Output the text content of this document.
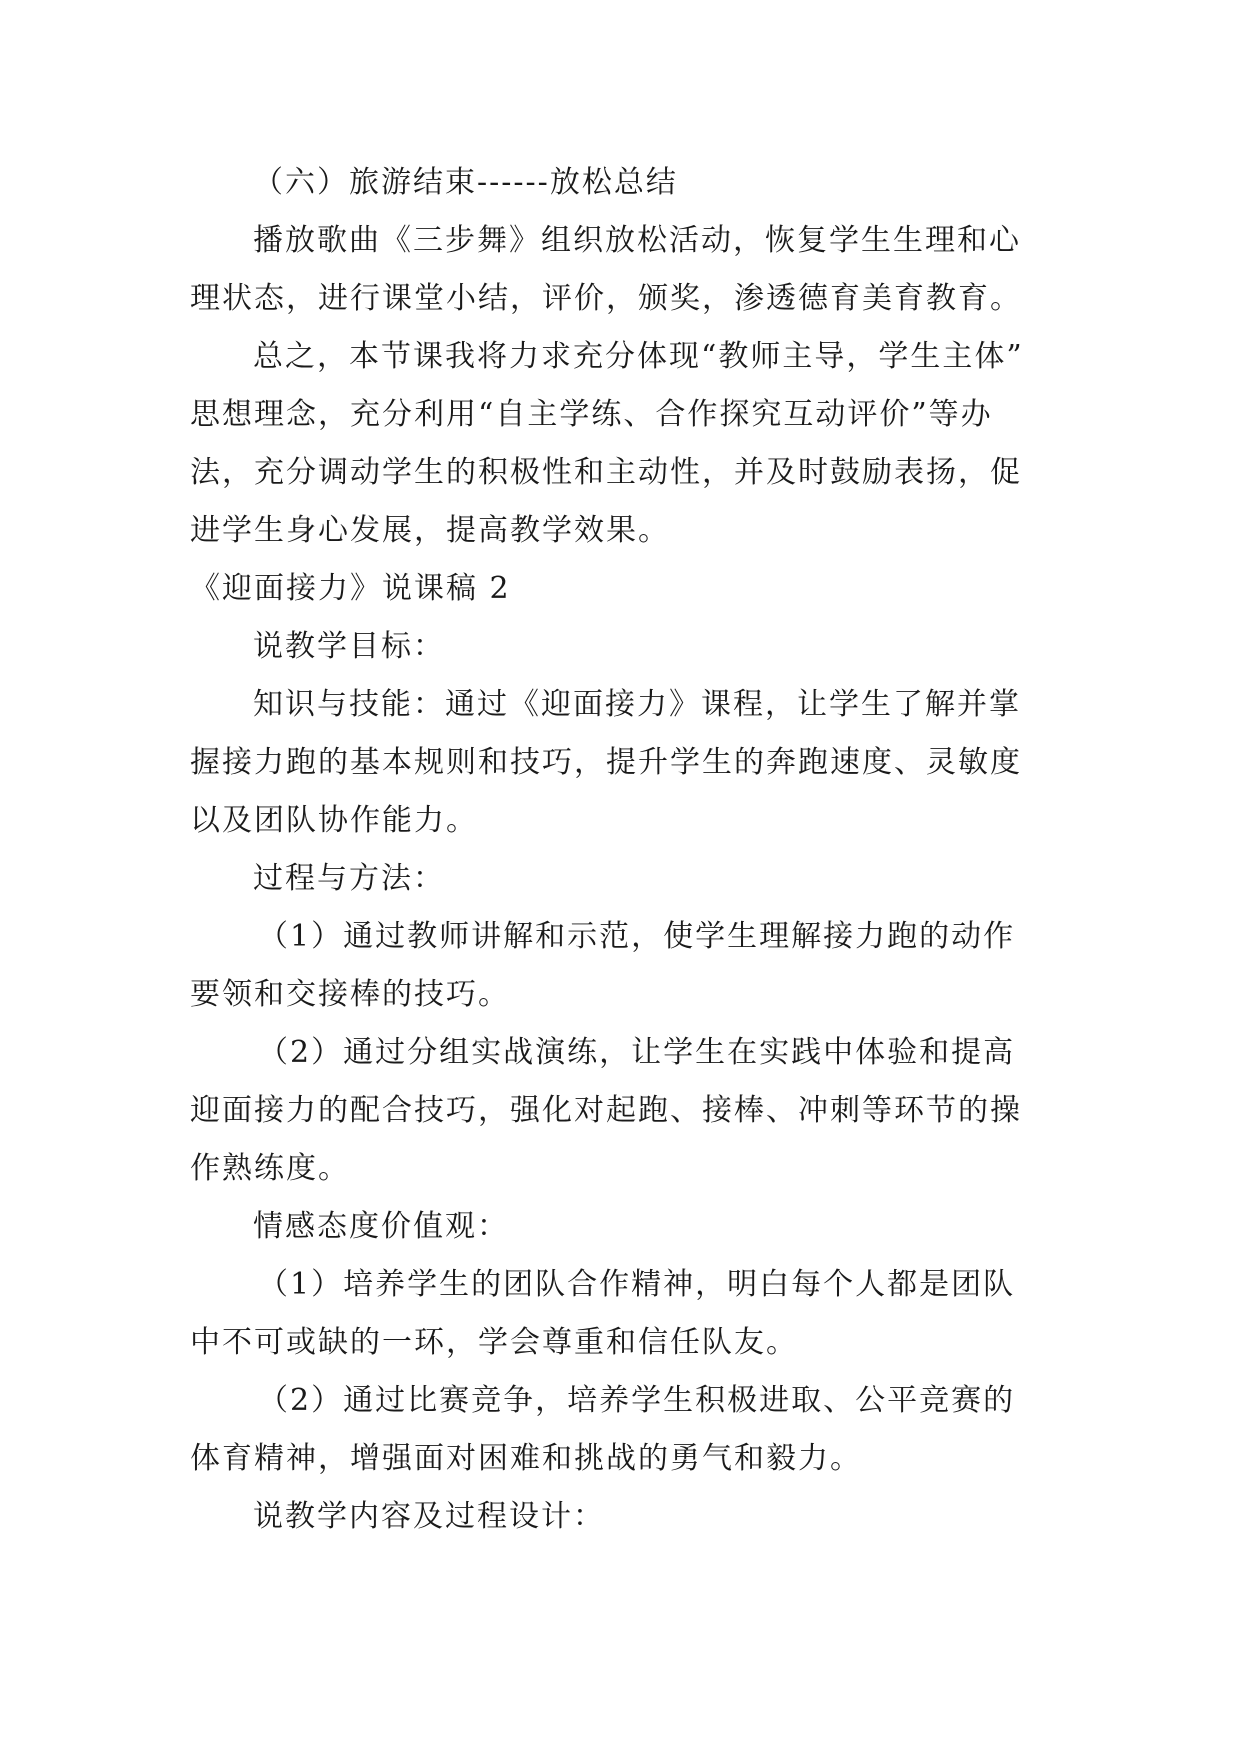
（六）旅游结束------放松总结
播放歌曲《三步舞》组织放松活动，恢复学生生理和心
理状态，进行课堂小结，评价，颁奖，渗透德育美育教育。
总之，本节课我将力求充分体现“教师主导，学生主体”
思想理念，充分利用“自主学练、合作探究互动评价”等办
法，充分调动学生的积极性和主动性，并及时鼓励表扬，促
进学生身心发展，提高教学效果。
《迎面接力》说课稿 2
说教学目标：
知识与技能：通过《迎面接力》课程，让学生了解并掌
握接力跑的基本规则和技巧，提升学生的奔跑速度、灵敏度
以及团队协作能力。
过程与方法：
（1）通过教师讲解和示范，使学生理解接力跑的动作
要领和交接棒的技巧。
（2）通过分组实战演练，让学生在实践中体验和提高
迎面接力的配合技巧，强化对起跑、接棒、冲刺等环节的操
作熟练度。
情感态度价值观：
（1）培养学生的团队合作精神，明白每个人都是团队
中不可或缺的一环，学会尊重和信任队友。
（2）通过比赛竞争，培养学生积极进取、公平竞赛的
体育精神，增强面对困难和挑战的勇气和毅力。
说教学内容及过程设计：
